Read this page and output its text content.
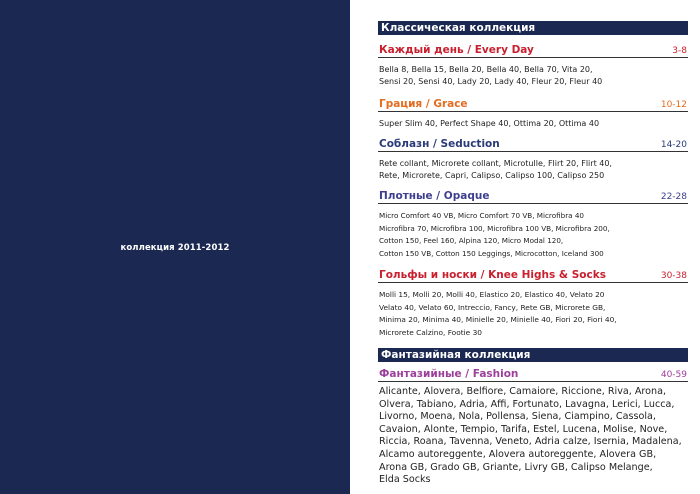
коллекция 2011-2012
Классическая коллекция
Каждый день / Every Day	3-8
Bella 8, Bella 15, Bella 20, Bella 40, Bella 70, Vita 20,
Sensi 20, Sensi 40, Lady 20, Lady 40, Fleur 20, Fleur 40
Грация / Grace	10-12
Super Slim 40, Perfect Shape 40, Ottima 20, Ottima 40
Соблазн / Seduction	14-20
Rete collant, Microrete collant, Microtulle, Flirt 20, Flirt 40,
Rete, Microrete, Capri, Calipso, Calipso 100, Calipso 250
Плотные / Opaque	22-28
Micro Comfort 40 VB, Micro Comfort 70 VB, Microfibra 40
Microfibra 70, Microfibra 100, Microfibra 100 VB, Microfibra 200,
Cotton 150, Feel 160, Alpina 120, Micro Modal 120,
Cotton 150 VB, Cotton 150 Leggings, Microcotton, Iceland 300
Гольфы и носки / Knee Highs & Socks	30-38
Molli 15, Molli 20, Molli 40, Elastico 20, Elastico 40, Velato 20
Velato 40, Velato 60, Intreccio, Fancy, Rete GB, Microrete GB,
Minima 20, Minima 40, Minielle 20, Minielle 40, Fiori 20, Fiori 40,
Microrete Calzino, Footie 30
Фантазийная коллекция
Фантазийные / Fashion	40-59
Alicante, Alovera, Belfiore, Camaiore, Riccione, Riva, Arona,
Olvera, Tabiano, Adria, Affi, Fortunato, Lavagna, Lerici, Lucca,
Livorno, Moena, Nola, Pollensa, Siena, Ciampino, Cassola,
Cavaion, Alonte, Tempio, Tarifa, Estel, Lucena, Molise, Nove,
Riccia, Roana, Tavenna, Veneto, Adria calze, Isernia, Madalena,
Alcamo autoreggente, Alovera autoreggente, Alovera GB,
Arona GB, Grado GB, Griante, Livry GB, Calipso Melange,
Elda Socks
